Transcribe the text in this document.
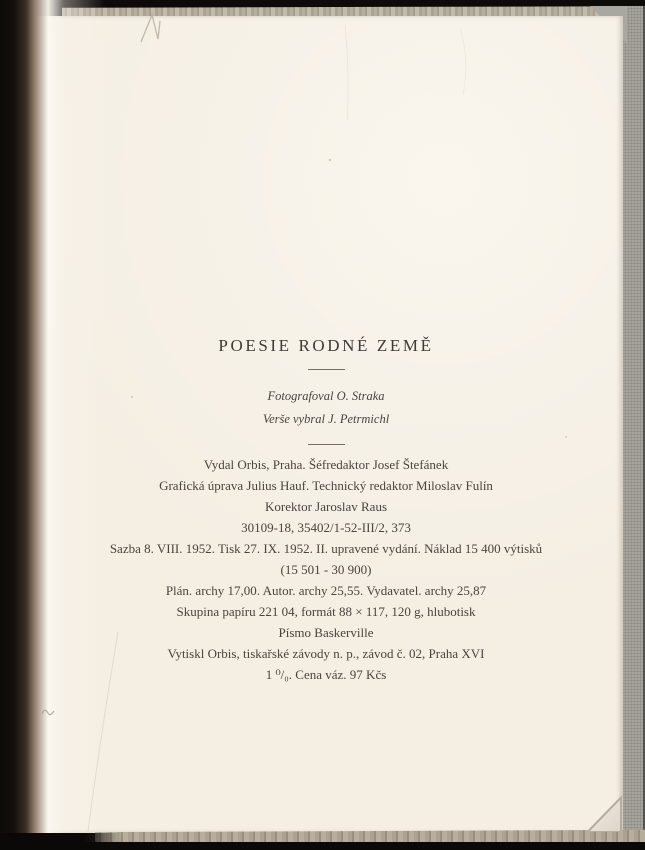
POESIE RODNÉ ZEMĚ
Fotografoval O. Straka
Verše vybral J. Petrmichl
Vydal Orbis, Praha. Šéfredaktor Josef Štefánek
Grafická úprava Julius Hauf. Technický redaktor Miloslav Fulín
Korektor Jaroslav Raus
30109-18, 35402/1-52-III/2, 373
Sazba 8. VIII. 1952. Tisk 27. IX. 1952. II. upravené vydání. Náklad 15 400 výtisků
(15 501 - 30 900)
Plán. archy 17,00. Autor. archy 25,55. Vydavatel. archy 25,87
Skupina papíru 221 04, formát 88 × 117, 120 g, hlubotisk
Písmo Baskerville
Vytiskl Orbis, tiskařské závody n. p., závod č. 02, Praha XVI
1 ⁰/₀. Cena váz. 97 Kčs
